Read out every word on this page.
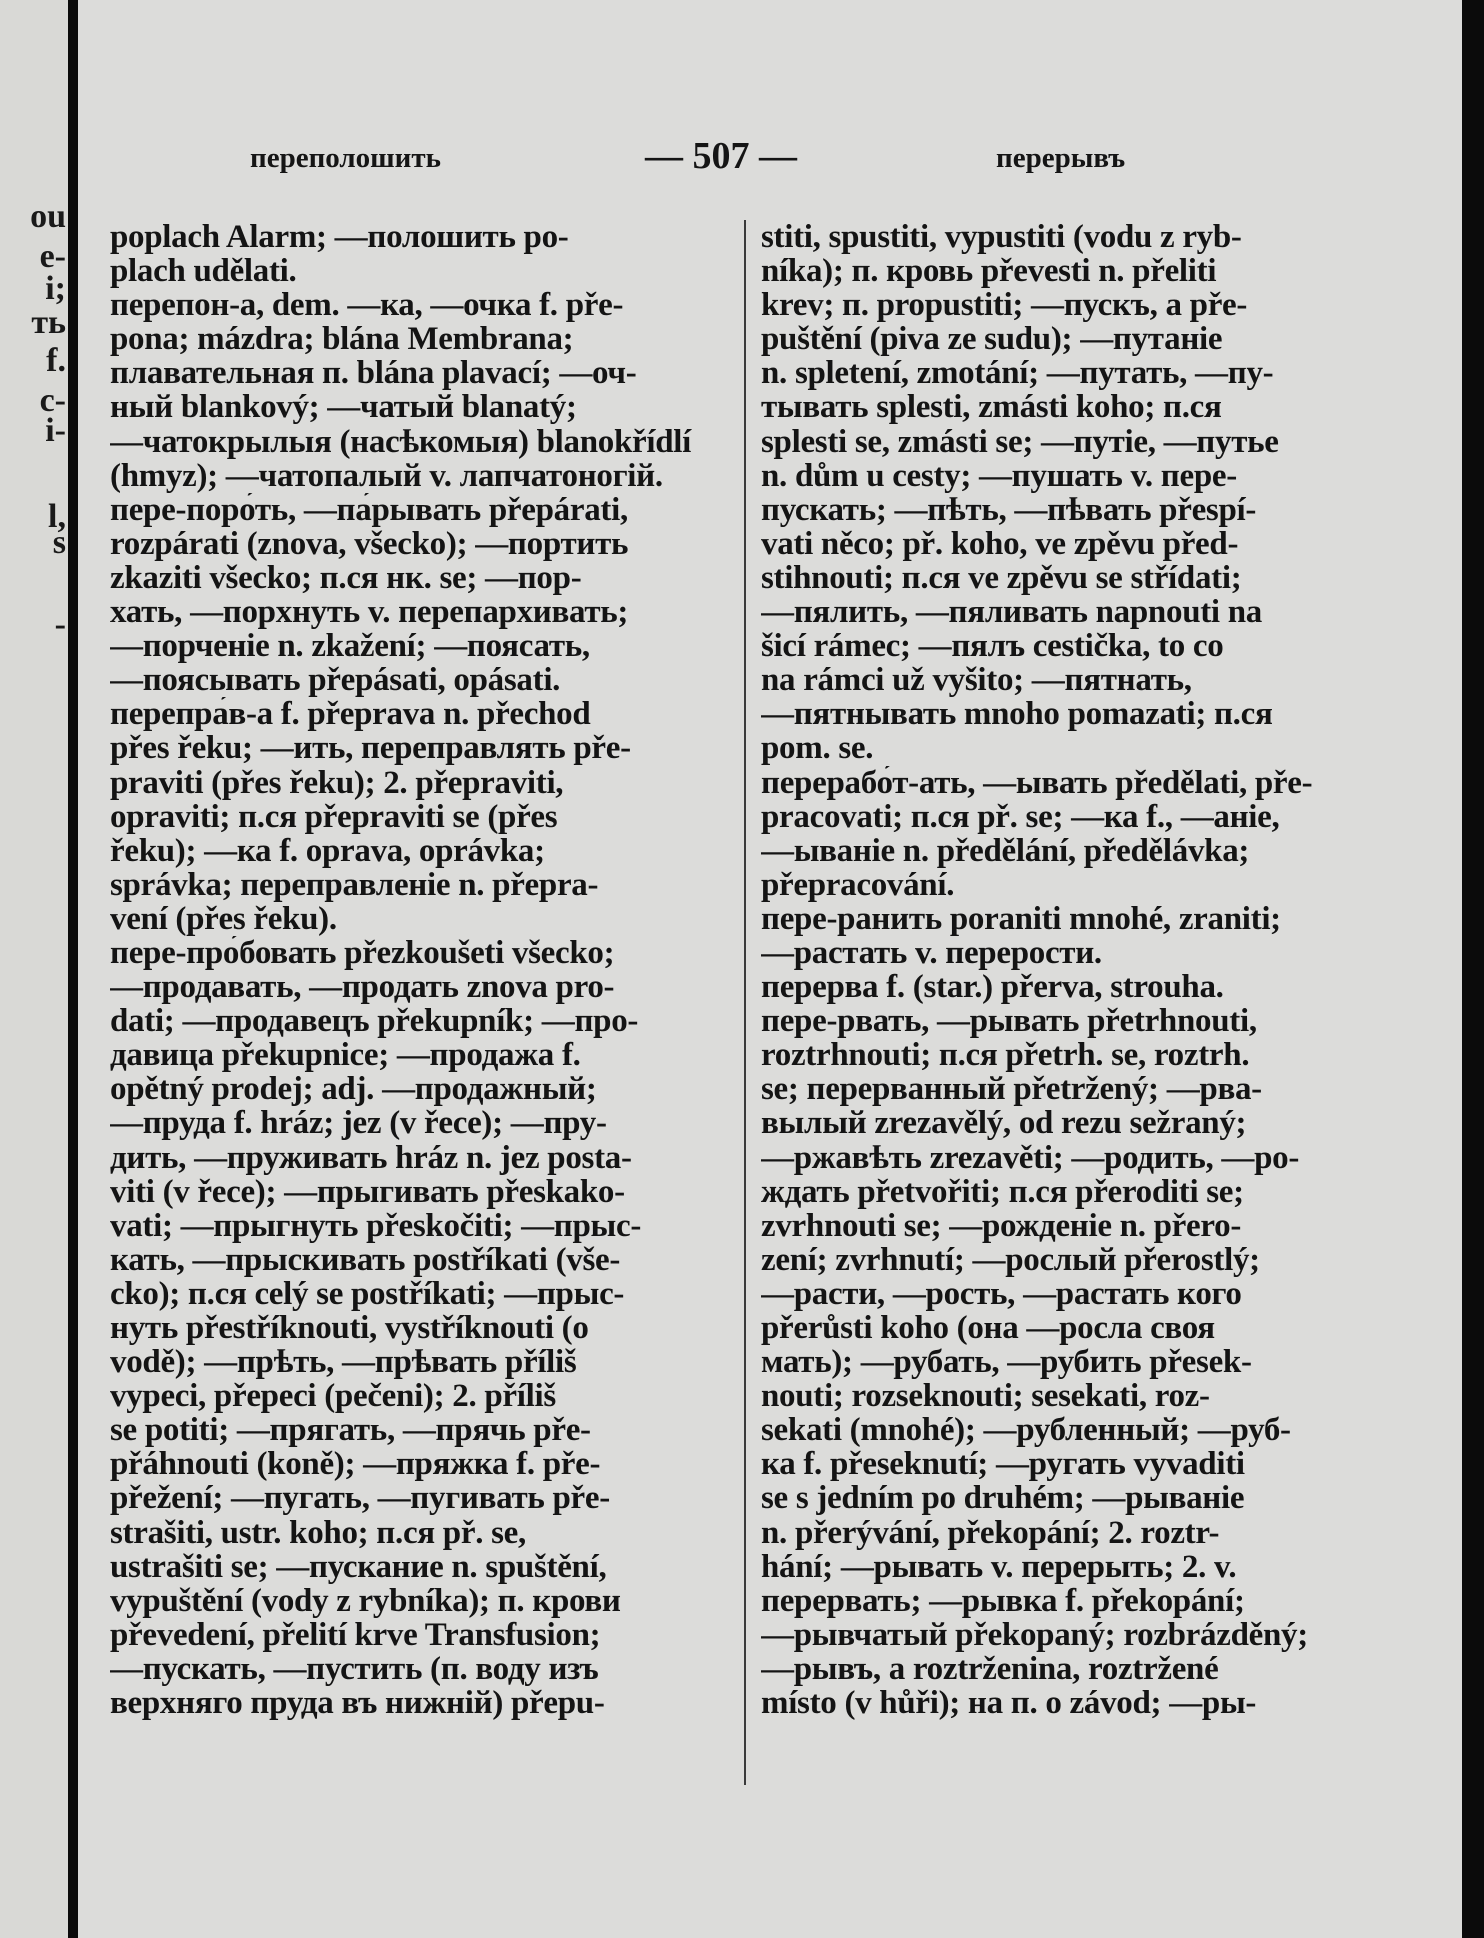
ou
e-
i;
ть
f.
c-
i-
l,
s
-
переполошить	— 507 —	перерывъ
poplach Alarm; —полошить po-
plach udělati.
перепон-а, dem. —ка, —очка f. pře-
pona; mázdra; blána Membrana;
плавательная п. blána plavací; —оч-
ный blankový; —чатый blanatý;
—чатокрылыя (насѣкомыя) blanokřídlí
(hmyz); —чатопалый v. лапчатоногій.
пере-поро́ть, —па́рывать přepárati,
rozpárati (znova, všecko); —портить
zkaziti všecko; п.ся нк. se; —пор-
хать, —порхнуть v. перепархивать;
—порченіе n. zkažení; —поясать,
—поясывать přepásati, opásati.
перепра́в-а f. přeprava n. přechod
přes řeku; —ить, переправлять pře-
praviti (přes řeku); 2. přepraviti,
opraviti; п.ся přepraviti se (přes
řeku); —ка f. oprava, oprávka;
správka; переправленіе n. přepra-
vení (přes řeku).
пере-про́бовать přezkoušeti všecko;
—продавать, —продать znova pro-
dati; —продавецъ překupník; —про-
давица překupnice; —продажа f.
opětný prodej; adj. —продажный;
—пруда f. hráz; jez (v řece); —пру-
дить, —пруживать hráz n. jez posta-
viti (v řece); —прыгивать přeskako-
vati; —прыгнуть přeskočiti; —прыс-
кать, —прыскивать postříkati (vše-
cko); п.ся celý se postříkati; —прыс-
нуть přestříknouti, vystříknouti (o
vodě); —прѣть, —прѣвать příliš
vypeci, přepeci (pečeni); 2. příliš
se potiti; —прягать, —прячь pře-
přáhnouti (koně); —пряжка f. pře-
přežení; —пугать, —пугивать pře-
strašiti, ustr. koho; п.ся př. se,
ustrašiti se; —пускание n. spuštění,
vypuštění (vody z rybníka); п. крови
převedení, přelití krve Transfusion;
—пускать, —пустить (п. воду изъ
верхняго пруда въ нижній) přepu-
stiti, spustiti, vypustiti (vodu z ryb-
níka); п. кровь převesti n. přeliti
krev; п. propustiti; —пускъ, a pře-
puštění (piva ze sudu); —путаніе
n. spletení, zmotání; —путать, —пу-
тывать splesti, zmásti koho; п.ся
splesti se, zmásti se; —путіе, —путье
n. dům u cesty; —пушать v. пере-
пускать; —пѣть, —пѣвать přespí-
vati něco; př. koho, ve zpěvu před-
stihnouti; п.ся ve zpěvu se střídati;
—пялить, —пяливать napnouti na
šicí rámec; —пялъ cestička, to co
na rámci už vyšito; —пятнать,
—пятнывать mnoho pomazati; п.ся
pom. se.
перерабо́т-ать, —ывать předělati, pře-
pracovati; п.ся př. se; —ка f., —аніе,
—ываніе n. předělání, předělávka;
přepracování.
пере-ранить poraniti mnohé, zraniti;
—растать v. перерости.
перерва f. (star.) přerva, strouha.
пере-рвать, —рывать přetrhnouti,
roztrhnouti; п.ся přetrh. se, roztrh.
se; перерванный přetržený; —рва-
вылый zrezavělý, od rezu sežraný;
—ржавѣть zrezavěti; —родить, —ро-
ждать přetvořiti; п.ся přeroditi se;
zvrhnouti se; —рожденіе n. přero-
zení; zvrhnutí; —рослый přerostlý;
—расти, —рость, —растать кого
přerůsti koho (она —росла своя
мать); —рубать, —рубить přesek-
nouti; rozseknouti; sesekati, roz-
sekati (mnohé); —рубленный; —руб-
ка f. přeseknutí; —ругать vyvaditi
se s jedním po druhém; —рываніе
n. přerývání, překopání; 2. roztr-
hání; —рывать v. перерыть; 2. v.
перервать; —рывка f. překopání;
—рывчатый překopaný; rozbrázděný;
—рывъ, a roztrženina, roztržené
místo (v hůři); на п. o závod; —ры-
